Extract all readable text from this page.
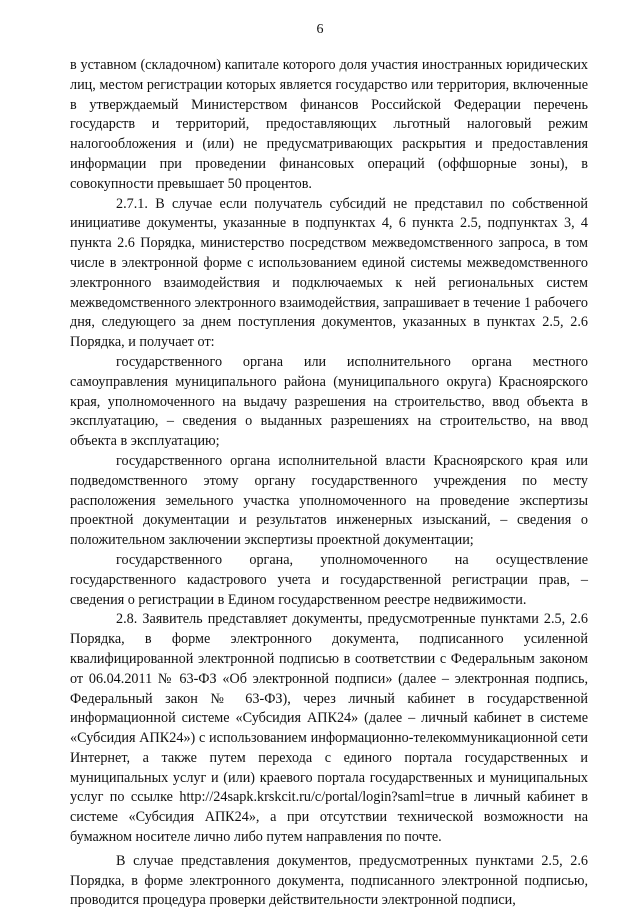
6

в уставном (складочном) капитале которого доля участия иностранных юридических лиц, местом регистрации которых является государство или территория, включенные в утверждаемый Министерством финансов Российской Федерации перечень государств и территорий, предоставляющих льготный налоговый режим налогообложения и (или) не предусматривающих раскрытия и предоставления информации при проведении финансовых операций (оффшорные зоны), в совокупности превышает 50 процентов.

2.7.1. В случае если получатель субсидий не представил по собственной инициативе документы, указанные в подпунктах 4, 6 пункта 2.5, подпунктах 3, 4 пункта 2.6 Порядка, министерство посредством межведомственного запроса, в том числе в электронной форме с использованием единой системы межведомственного электронного взаимодействия и подключаемых к ней региональных систем межведомственного электронного взаимодействия, запрашивает в течение 1 рабочего дня, следующего за днем поступления документов, указанных в пунктах 2.5, 2.6 Порядка, и получает от:

государственного органа или исполнительного органа местного самоуправления муниципального района (муниципального округа) Красноярского края, уполномоченного на выдачу разрешения на строительство, ввод объекта в эксплуатацию, – сведения о выданных разрешениях на строительство, на ввод объекта в эксплуатацию;

государственного органа исполнительной власти Красноярского края или подведомственного этому органу государственного учреждения по месту расположения земельного участка уполномоченного на проведение экспертизы проектной документации и результатов инженерных изысканий, – сведения о положительном заключении экспертизы проектной документации;

государственного органа, уполномоченного на осуществление государственного кадастрового учета и государственной регистрации прав, – сведения о регистрации в Едином государственном реестре недвижимости.

2.8. Заявитель представляет документы, предусмотренные пунктами 2.5, 2.6 Порядка, в форме электронного документа, подписанного усиленной квалифицированной электронной подписью в соответствии с Федеральным законом от 06.04.2011 № 63-ФЗ «Об электронной подписи» (далее – электронная подпись, Федеральный закон № 63-ФЗ), через личный кабинет в государственной информационной системе «Субсидия АПК24» (далее – личный кабинет в системе «Субсидия АПК24») с использованием информационно-телекоммуникационной сети Интернет, а также путем перехода с единого портала государственных и муниципальных услуг и (или) краевого портала государственных и муниципальных услуг по ссылке http://24sapk.krskcit.ru/c/portal/login?saml=true в личный кабинет в системе «Субсидия АПК24», а при отсутствии технической возможности на бумажном носителе лично либо путем направления по почте.

В случае представления документов, предусмотренных пунктами 2.5, 2.6 Порядка, в форме электронного документа, подписанного электронной подписью, проводится процедура проверки действительности электронной подписи,
